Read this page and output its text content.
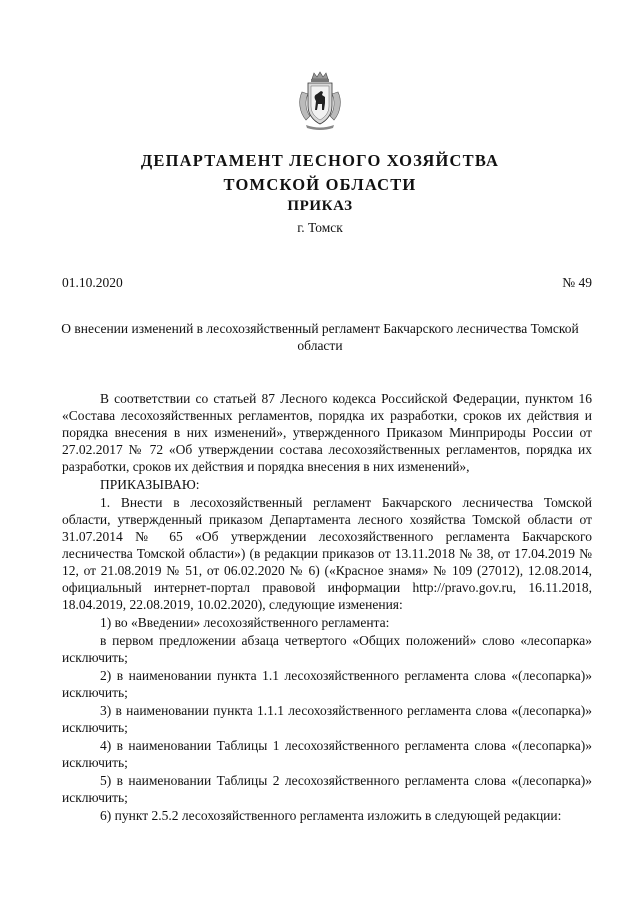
ДЕПАРТАМЕНТ ЛЕСНОГО ХОЗЯЙСТВА
ТОМСКОЙ ОБЛАСТИ
ПРИКАЗ
г. Томск
01.10.2020	№ 49
О внесении изменений в лесохозяйственный регламент Бакчарского лесничества Томской области

В соответствии со статьей 87 Лесного кодекса Российской Федерации, пунктом 16 «Состава лесохозяйственных регламентов, порядка их разработки, сроков их действия и порядка внесения в них изменений», утвержденного Приказом Минприроды России от 27.02.2017 № 72 «Об утверждении состава лесохозяйственных регламентов, порядка их разработки, сроков их действия и порядка внесения в них изменений»,

ПРИКАЗЫВАЮ:

1. Внести в лесохозяйственный регламент Бакчарского лесничества Томской области, утвержденный приказом Департамента лесного хозяйства Томской области от 31.07.2014 № 65 «Об утверждении лесохозяйственного регламента Бакчарского лесничества Томской области») (в редакции приказов от 13.11.2018 № 38, от 17.04.2019 № 12, от 21.08.2019 № 51, от 06.02.2020 № 6) («Красное знамя» № 109 (27012), 12.08.2014, официальный интернет-портал правовой информации http://pravo.gov.ru, 16.11.2018, 18.04.2019, 22.08.2019, 10.02.2020), следующие изменения:

1) во «Введении» лесохозяйственного регламента:

в первом предложении абзаца четвертого «Общих положений» слово «лесопарка» исключить;

2) в наименовании пункта 1.1 лесохозяйственного регламента слова «(лесопарка)» исключить;

3) в наименовании пункта 1.1.1 лесохозяйственного регламента слова «(лесопарка)» исключить;

4) в наименовании Таблицы 1 лесохозяйственного регламента слова «(лесопарка)» исключить;

5) в наименовании Таблицы 2 лесохозяйственного регламента слова «(лесопарка)» исключить;

6) пункт 2.5.2 лесохозяйственного регламента изложить в следующей редакции:
